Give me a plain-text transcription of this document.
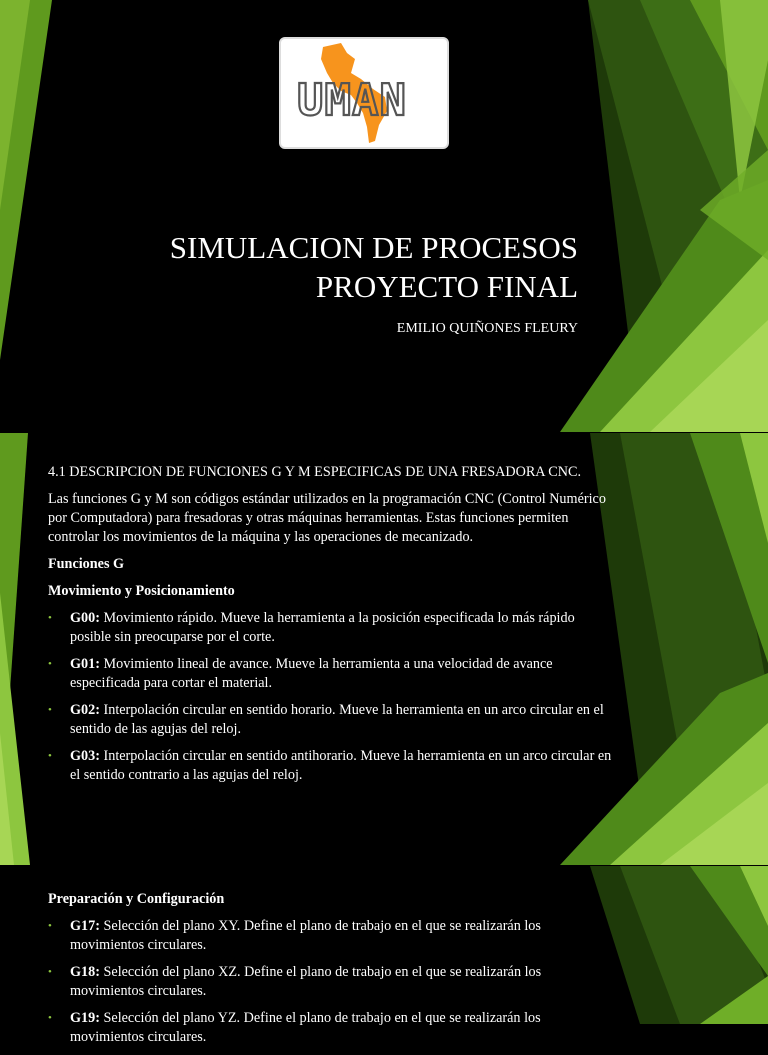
UMAN
SIMULACION DE PROCESOS
PROYECTO FINAL
EMILIO QUIÑONES FLEURY

4.1 DESCRIPCION DE FUNCIONES G Y M ESPECIFICAS DE UNA FRESADORA CNC.

Las funciones G y M son códigos estándar utilizados en la programación CNC (Control Numérico por Computadora) para fresadoras y otras máquinas herramientas. Estas funciones permiten controlar los movimientos de la máquina y las operaciones de mecanizado.

Funciones G
Movimiento y Posicionamiento
• G00: Movimiento rápido. Mueve la herramienta a la posición especificada lo más rápido posible sin preocuparse por el corte.
• G01: Movimiento lineal de avance. Mueve la herramienta a una velocidad de avance especificada para cortar el material.
• G02: Interpolación circular en sentido horario. Mueve la herramienta en un arco circular en el sentido de las agujas del reloj.
• G03: Interpolación circular en sentido antihorario. Mueve la herramienta en un arco circular en el sentido contrario a las agujas del reloj.
Preparación y Configuración
• G17: Selección del plano XY. Define el plano de trabajo en el que se realizarán los movimientos circulares.
• G18: Selección del plano XZ. Define el plano de trabajo en el que se realizarán los movimientos circulares.
• G19: Selección del plano YZ. Define el plano de trabajo en el que se realizarán los movimientos circulares.
